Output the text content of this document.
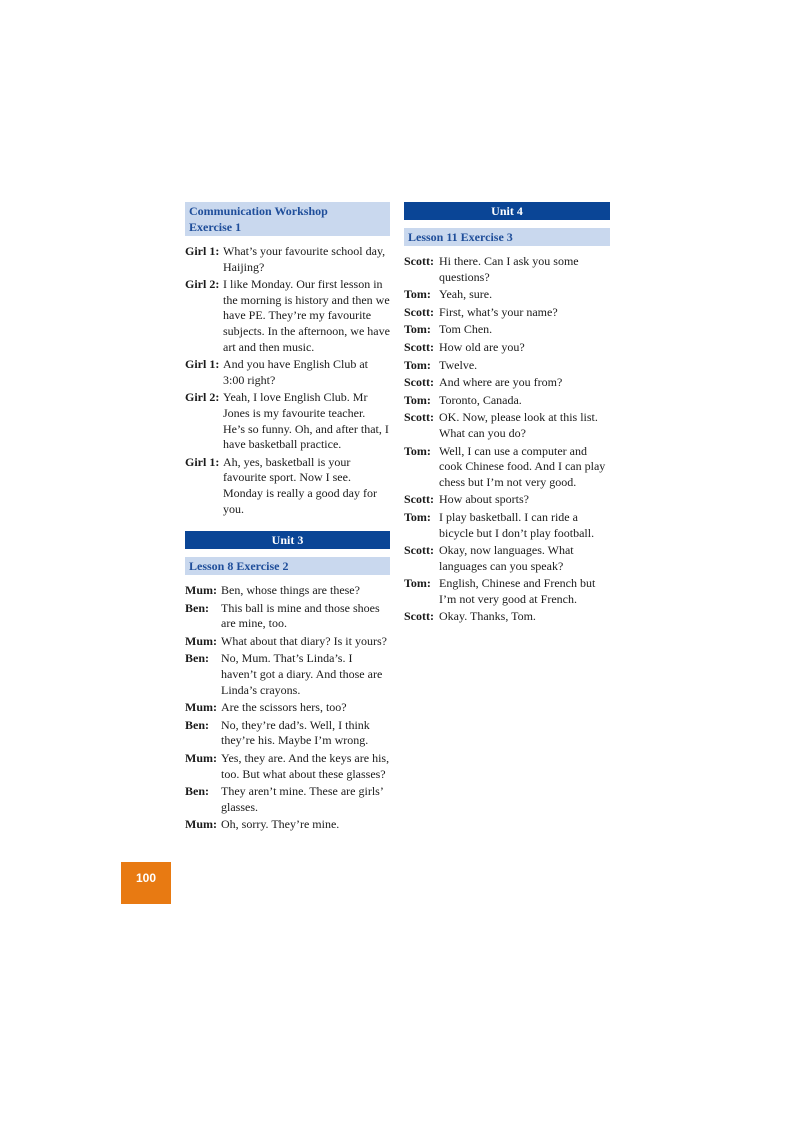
Communication Workshop
Exercise 1
Girl 1: What’s your favourite school day, Haijing?
Girl 2: I like Monday. Our first lesson in the morning is history and then we have PE. They’re my favourite subjects. In the afternoon, we have art and then music.
Girl 1: And you have English Club at 3:00 right?
Girl 2: Yeah, I love English Club. Mr Jones is my favourite teacher. He’s so funny. Oh, and after that, I have basketball practice.
Girl 1: Ah, yes, basketball is your favourite sport. Now I see. Monday is really a good day for you.
Unit 3
Lesson 8 Exercise 2
Mum: Ben, whose things are these?
Ben:	This ball is mine and those shoes are mine, too.
Mum: What about that diary? Is it yours?
Ben:	No, Mum. That’s Linda’s. I haven’t got a diary. And those are Linda’s crayons.
Mum: Are the scissors hers, too?
Ben:	No, they’re dad’s. Well, I think they’re his. Maybe I’m wrong.
Mum: Yes, they are. And the keys are his, too. But what about these glasses?
Ben:	They aren’t mine. These are girls’ glasses.
Mum: Oh, sorry. They’re mine.
Unit 4
Lesson 11 Exercise 3
Scott: Hi there. Can I ask you some questions?
Tom: Yeah, sure.
Scott: First, what’s your name?
Tom: Tom Chen.
Scott: How old are you?
Tom: Twelve.
Scott: And where are you from?
Tom: Toronto, Canada.
Scott: OK. Now, please look at this list. What can you do?
Tom: Well, I can use a computer and cook Chinese food. And I can play chess but I’m not very good.
Scott: How about sports?
Tom: I play basketball. I can ride a bicycle but I don’t play football.
Scott: Okay, now languages. What languages can you speak?
Tom: English, Chinese and French but I’m not very good at French.
Scott: Okay. Thanks, Tom.
100
